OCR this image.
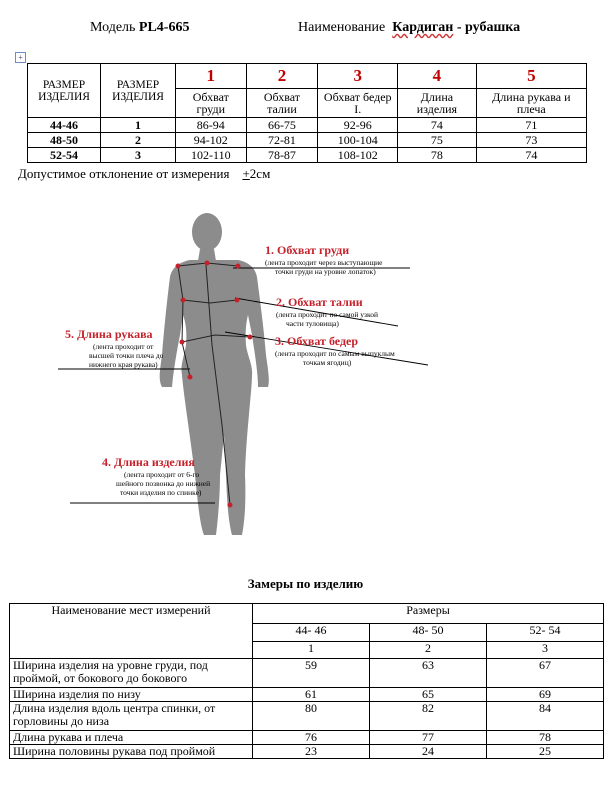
Модель PL4-665	Наименование Кардиган - рубашка
+
РАЗМЕР ИЗДЕЛИЯ	РАЗМЕР ИЗДЕЛИЯ	1	2	3	4	5
		Обхват груди	Обхват талии	Обхват бедер I.	Длина изделия	Длина рукава и плеча
44-46	1	86-94	66-75	92-96	74	71
48-50	2	94-102	72-81	100-104	75	73
52-54	3	102-110	78-87	108-102	78	74
Допустимое отклонение от измерения +2см
1. Обхват груди
(лента проходит через выступающие
точки груди на уровне лопаток)
2. Обхват талии
(лента проходит по самой узкой
части туловища)
3. Обхват бедер
(лента проходит по самым выпуклым
точкам ягодиц)
5. Длина рукава
(лента проходит от
высшей точки плеча до
нижнего края рукава)
4. Длина изделия
(лента проходит от 6-го
шейного позвонка до нижней
точки изделия по спинке)
Замеры по изделию
Наименование мест измерений	Размеры		
	44- 46	48- 50	52- 54
	1	2	3
Ширина изделия на уровне груди, под проймой, от бокового до бокового	59	63	67
Ширина изделия по низу	61	65	69
Длина изделия вдоль центра спинки, от горловины до низа	80	82	84
Длина рукава и плеча	76	77	78
Ширина половины рукава под проймой	23	24	25
